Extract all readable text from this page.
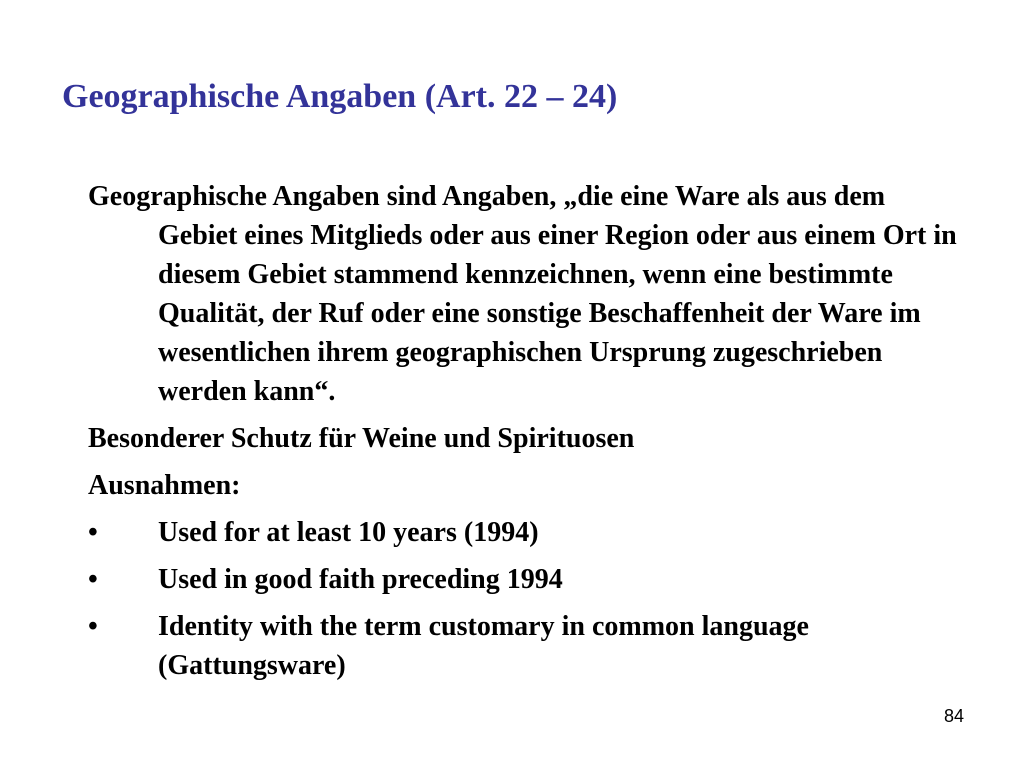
Geographische Angaben (Art. 22 – 24)

Geographische Angaben sind Angaben, „die eine Ware als aus dem Gebiet eines Mitglieds oder aus einer Region oder aus einem Ort in diesem Gebiet stammend kennzeichnen, wenn eine bestimmte Qualität, der Ruf oder eine sonstige Beschaffenheit der Ware im wesentlichen ihrem geographischen Ursprung zugeschrieben werden kann“.

Besonderer Schutz für Weine und Spirituosen
Ausnahmen:
•	Used for at least 10 years (1994)
•	Used in good faith preceding 1994
•	Identity with the term customary in common language (Gattungsware)
84
